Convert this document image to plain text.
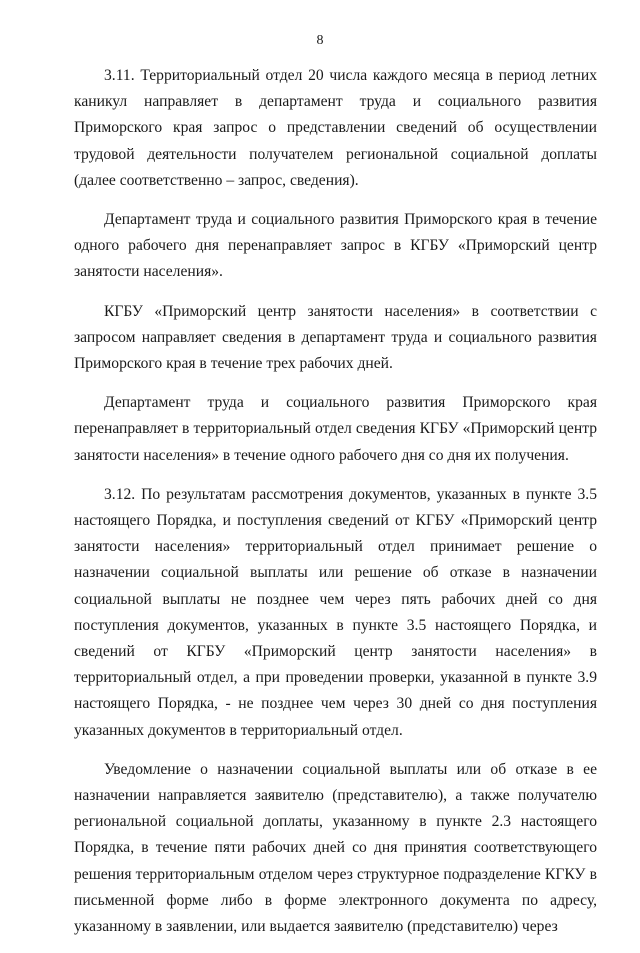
8

3.11. Территориальный отдел 20 числа каждого месяца в период летних каникул направляет в департамент труда и социального развития Приморского края запрос о представлении сведений об осуществлении трудовой деятельности получателем региональной социальной доплаты (далее соответственно – запрос, сведения).

Департамент труда и социального развития Приморского края в течение одного рабочего дня перенаправляет запрос в КГБУ «Приморский центр занятости населения».

КГБУ «Приморский центр занятости населения» в соответствии с запросом направляет сведения в департамент труда и социального развития Приморского края в течение трех рабочих дней.

Департамент труда и социального развития Приморского края перенаправляет в территориальный отдел сведения КГБУ «Приморский центр занятости населения» в течение одного рабочего дня со дня их получения.

3.12. По результатам рассмотрения документов, указанных в пункте 3.5 настоящего Порядка, и поступления сведений от КГБУ «Приморский центр занятости населения» территориальный отдел принимает решение о назначении социальной выплаты или решение об отказе в назначении социальной выплаты не позднее чем через пять рабочих дней со дня поступления документов, указанных в пункте 3.5 настоящего Порядка, и сведений от КГБУ «Приморский центр занятости населения» в территориальный отдел, а при проведении проверки, указанной в пункте 3.9 настоящего Порядка, - не позднее чем через 30 дней со дня поступления указанных документов в территориальный отдел.

Уведомление о назначении социальной выплаты или об отказе в ее назначении направляется заявителю (представителю), а также получателю региональной социальной доплаты, указанному в пункте 2.3 настоящего Порядка, в течение пяти рабочих дней со дня принятия соответствующего решения территориальным отделом через структурное подразделение КГКУ в письменной форме либо в форме электронного документа по адресу, указанному в заявлении, или выдается заявителю (представителю) через
